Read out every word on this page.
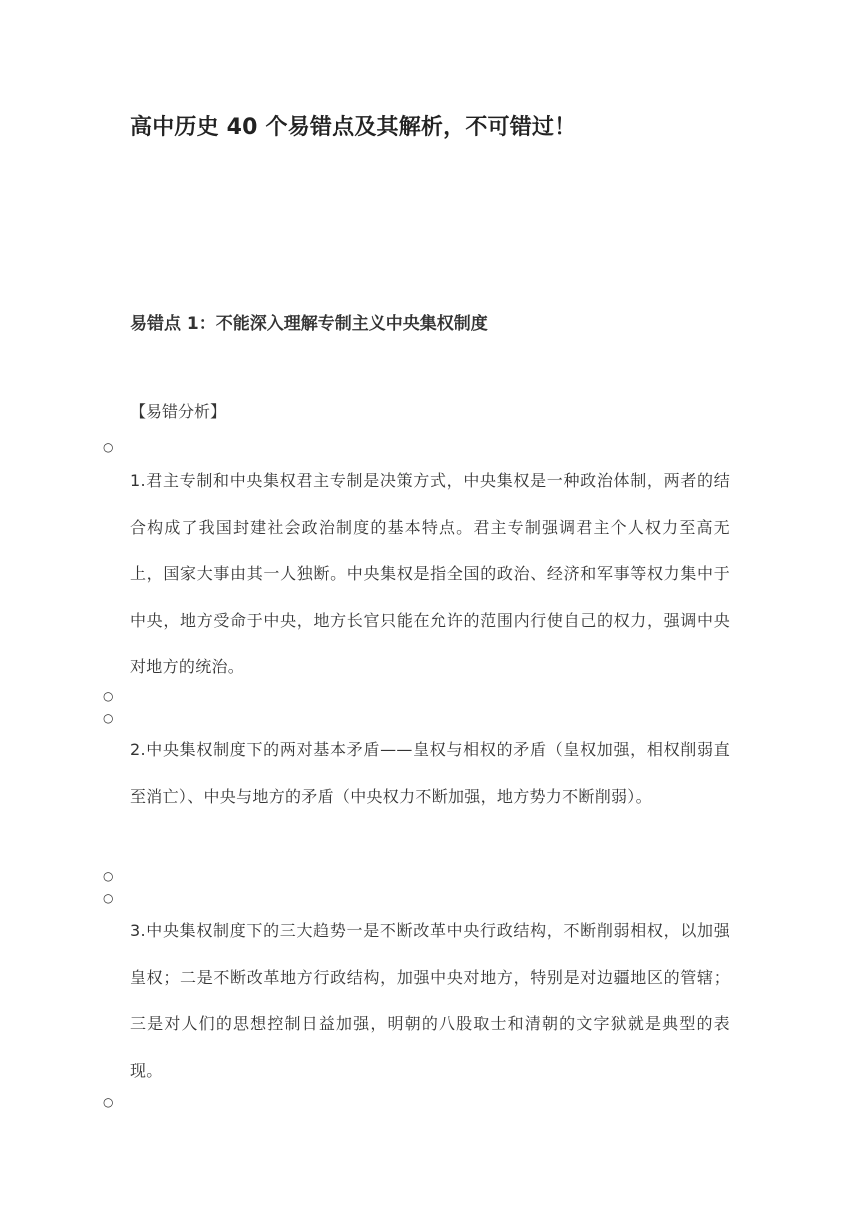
高中历史 40 个易错点及其解析，不可错过！
易错点 1：不能深入理解专制主义中央集权制度
【易错分析】
○

1.君主专制和中央集权君主专制是决策方式，中央集权是一种政治体制，两者的结合构成了我国封建社会政治制度的基本特点。君主专制强调君主个人权力至高无上，国家大事由其一人独断。中央集权是指全国的政治、经济和军事等权力集中于中央，地方受命于中央，地方长官只能在允许的范围内行使自己的权力，强调中央对地方的统治。

○
○

2.中央集权制度下的两对基本矛盾——皇权与相权的矛盾（皇权加强，相权削弱直至消亡）、中央与地方的矛盾（中央权力不断加强，地方势力不断削弱）。

○
○

3.中央集权制度下的三大趋势一是不断改革中央行政结构，不断削弱相权，以加强皇权；二是不断改革地方行政结构，加强中央对地方，特别是对边疆地区的管辖；三是对人们的思想控制日益加强，明朝的八股取士和清朝的文字狱就是典型的表现。

○
